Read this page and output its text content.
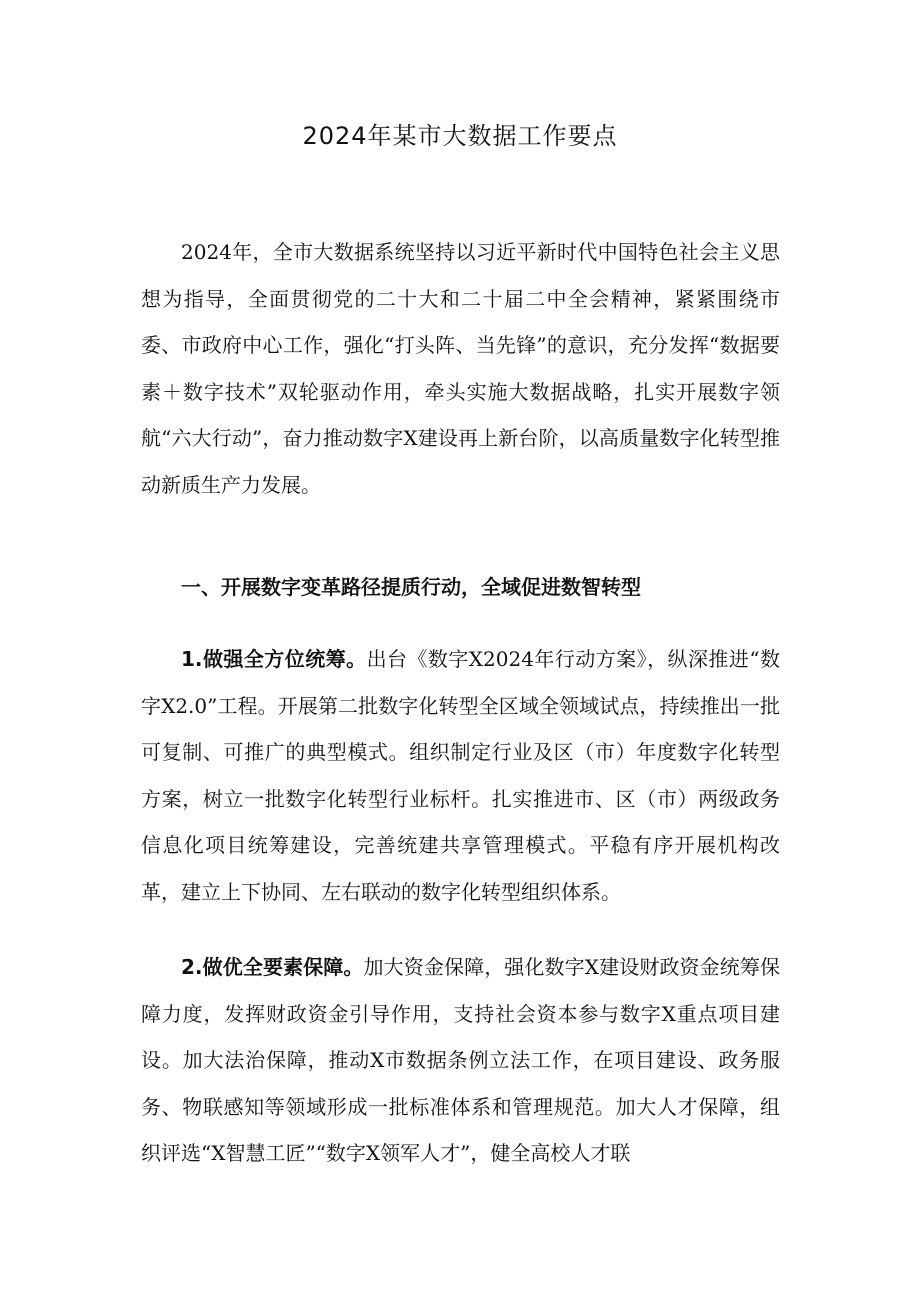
2024年某市大数据工作要点

2024年，全市大数据系统坚持以习近平新时代中国特色社会主义思想为指导，全面贯彻党的二十大和二十届二中全会精神，紧紧围绕市委、市政府中心工作，强化“打头阵、当先锋”的意识，充分发挥“数据要素＋数字技术”双轮驱动作用，牵头实施大数据战略，扎实开展数字领航“六大行动”，奋力推动数字X建设再上新台阶，以高质量数字化转型推动新质生产力发展。

一、开展数字变革路径提质行动，全域促进数智转型

1.做强全方位统筹。出台《数字X2024年行动方案》，纵深推进“数字X2.0”工程。开展第二批数字化转型全区域全领域试点，持续推出一批可复制、可推广的典型模式。组织制定行业及区（市）年度数字化转型方案，树立一批数字化转型行业标杆。扎实推进市、区（市）两级政务信息化项目统筹建设，完善统建共享管理模式。平稳有序开展机构改革，建立上下协同、左右联动的数字化转型组织体系。

2.做优全要素保障。加大资金保障，强化数字X建设财政资金统筹保障力度，发挥财政资金引导作用，支持社会资本参与数字X重点项目建设。加大法治保障，推动X市数据条例立法工作，在项目建设、政务服务、物联感知等领域形成一批标准体系和管理规范。加大人才保障，组织评选“X智慧工匠”“数字X领军人才”，健全高校人才联
